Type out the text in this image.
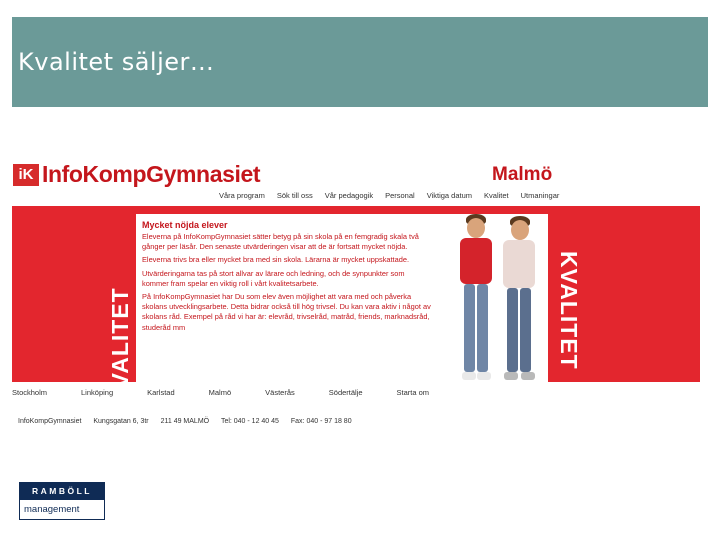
Kvalitet säljer…
iK InfoKompGymnasiet	Malmö
Våra program Sök till oss Vår pedagogik Personal Viktiga datum Kvalitet Utmaningar
Mycket nöjda elever

Eleverna på InfoKompGymnasiet sätter betyg på sin skola på en femgradig skala två gånger per läsår. Den senaste utvärderingen visar att de är fortsatt mycket nöjda.

Eleverna trivs bra eller mycket bra med sin skola. Lärarna är mycket uppskattade.

Utvärderingarna tas på stort allvar av lärare och ledning, och de synpunkter som kommer fram spelar en viktig roll i vårt kvalitetsarbete.

På InfoKompGymnasiet har Du som elev även möjlighet att vara med och påverka skolans utvecklingsarbete. Detta bidrar också till hög trivsel. Du kan vara aktiv i något av skolans råd. Exempel på råd vi har är: elevråd, trivselråd, matråd, friends, marknadsråd, studeråd mm

KVALITET	KVALITET
Stockholm	Linköping	Karlstad	Malmö	Västerås	Södertälje	Starta om
InfoKompGymnasiet Kungsgatan 6, 3tr 211 49 MALMÖ Tel: 040 - 12 40 45 Fax: 040 - 97 18 80
RAMBÖLL
management
